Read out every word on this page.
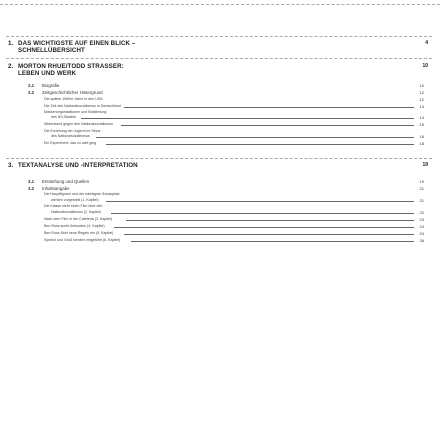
1. DAS WICHTIGSTE AUF EINEN BLICK –
SCHNELLÜBERSICHT
4
2. MORTON RHUE/TODD STRASSER:
LEBEN UND WERK
10
2.1 Biografie	10
2.2 Zeitgeschichtlicher Hintergrund	12
Die späten 1960er Jahre in den USA	12
Die Zeit des Nationalsozialismus in Deutschland	13
Massenorganisationen und Etablierung
des NS-Staates	14
Widerstand gegen den Nationalsozialismus	15
Die Erziehung der Jugend im Sinne
des Nationalsozialismus	16
Ein Experiment, das zu weit ging	18
3. TEXTANALYSE UND -INTERPRETATION	19
3.1 Entstehung und Quellen	19
3.2 Inhaltsangabe	21
Die Hauptfiguren und der wichtigste Schauplatz
werden vorgestellt (1. Kapitel)	21
Die Klasse sieht einen Film über den
Nationalsozialismus (2. Kapitel)	22
Nach dem Film in der Cafeteria (3. Kapitel)	23
Ben Ross sucht Antworten (4. Kapitel)	24
Ben Ross führt neue Regeln ein (5. Kapitel)	24
Symbol und Gruß werden eingeführt (6. Kapitel)	26
